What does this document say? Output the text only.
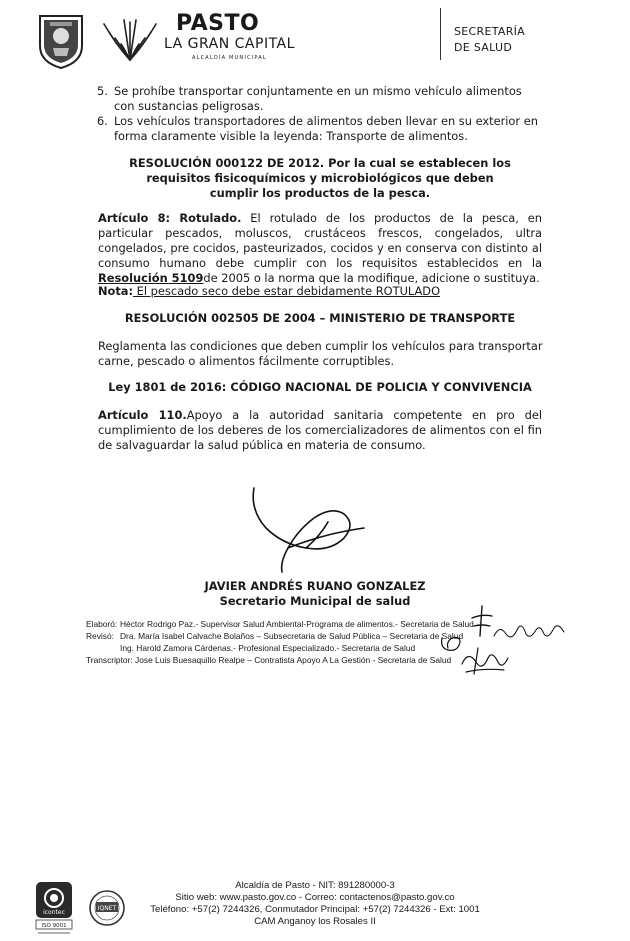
PASTO
LA GRAN CAPITAL
ALCALDÍA MUNICIPAL
SECRETARÍA
DE SALUD
5. Se prohíbe transportar conjuntamente en un mismo vehículo alimentos con sustancias peligrosas.
6. Los vehículos transportadores de alimentos deben llevar en su exterior en forma claramente visible la leyenda: Transporte de alimentos.
RESOLUCIÓN 000122 DE 2012. Por la cual se establecen los requisitos fisicoquímicos y microbiológicos que deben cumplir los productos de la pesca.
Artículo 8: Rotulado. El rotulado de los productos de la pesca, en particular pescados, moluscos, crustáceos frescos, congelados, ultra congelados, pre cocidos, pasteurizados, cocidos y en conserva con distinto al consumo humano debe cumplir con los requisitos establecidos en la Resolución 5109de 2005 o la norma que la modifique, adicione o sustituya.
Nota: El pescado seco debe estar debidamente ROTULADO
RESOLUCIÓN 002505 DE 2004 – MINISTERIO DE TRANSPORTE
Reglamenta las condiciones que deben cumplir los vehículos para transportar carne, pescado o alimentos fácilmente corruptibles.
Ley 1801 de 2016: CÓDIGO NACIONAL DE POLICIA Y CONVIVENCIA
Artículo 110.Apoyo a la autoridad sanitaria competente en pro del cumplimiento de los deberes de los comercializadores de alimentos con el fin de salvaguardar la salud pública en materia de consumo.
JAVIER ANDRÉS RUANO GONZALEZ
Secretario Municipal de salud
Elaboró: Héctor Rodrigo Paz.- Supervisor Salud Ambiental-Programa de alimentos.- Secretaria de Salud
Revisó: Dra. María Isabel Calvache Bolaños – Subsecretaria de Salud Pública – Secretaria de Salud
Ing. Harold Zamora Cárdenas.- Profesional Especializado.- Secretaria de Salud
Transcriptor: Jose Luis Buesaquillo Realpe – Contratista Apoyo A La Gestión - Secretaria de Salud
icontec
ISO 9001
IQNET
Alcaldía de Pasto - NIT: 891280000-3
Sitio web: www.pasto.gov.co - Correo: contactenos@pasto.gov.co
Teléfono: +57(2) 7244326, Conmutador Principal: +57(2) 7244326 - Ext: 1001
CAM Anganoy los Rosales II
